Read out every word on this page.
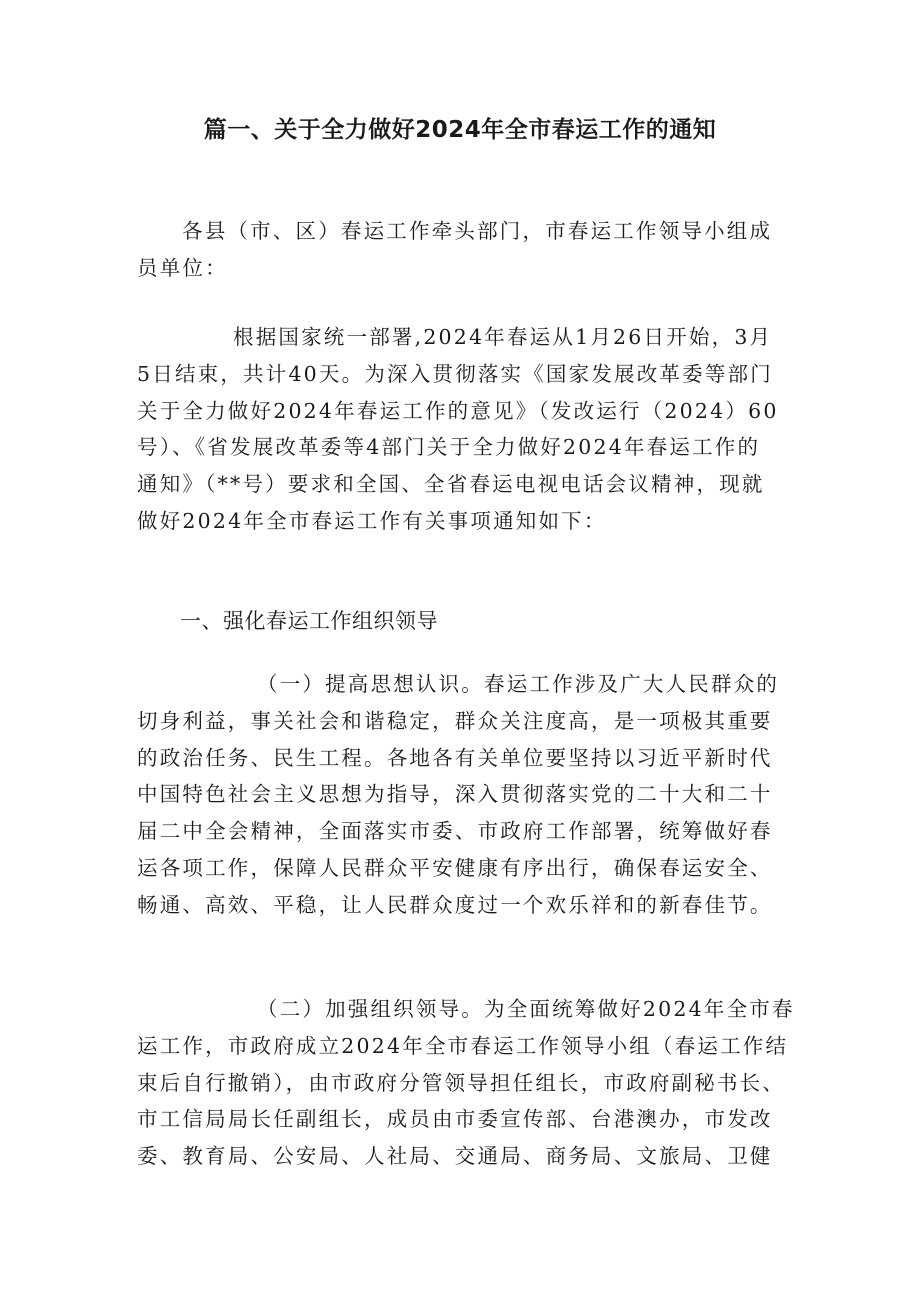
篇一、关于全力做好2024年全市春运工作的通知
各县（市、区）春运工作牵头部门，市春运工作领导小组成
员单位：
根据国家统一部署,2024年春运从1月26日开始，3月
5日结束，共计40天。为深入贯彻落实《国家发展改革委等部门
关于全力做好2024年春运工作的意见》（发改运行（2024）60
号）、《省发展改革委等4部门关于全力做好2024年春运工作的
通知》（**号）要求和全国、全省春运电视电话会议精神，现就
做好2024年全市春运工作有关事项通知如下：
一、强化春运工作组织领导
（一）提高思想认识。春运工作涉及广大人民群众的
切身利益，事关社会和谐稳定，群众关注度高，是一项极其重要
的政治任务、民生工程。各地各有关单位要坚持以习近平新时代
中国特色社会主义思想为指导，深入贯彻落实党的二十大和二十
届二中全会精神，全面落实市委、市政府工作部署，统筹做好春
运各项工作，保障人民群众平安健康有序出行，确保春运安全、
畅通、高效、平稳，让人民群众度过一个欢乐祥和的新春佳节。
（二）加强组织领导。为全面统筹做好2024年全市春
运工作，市政府成立2024年全市春运工作领导小组（春运工作结
束后自行撤销），由市政府分管领导担任组长，市政府副秘书长、
市工信局局长任副组长，成员由市委宣传部、台港澳办，市发改
委、教育局、公安局、人社局、交通局、商务局、文旅局、卫健
